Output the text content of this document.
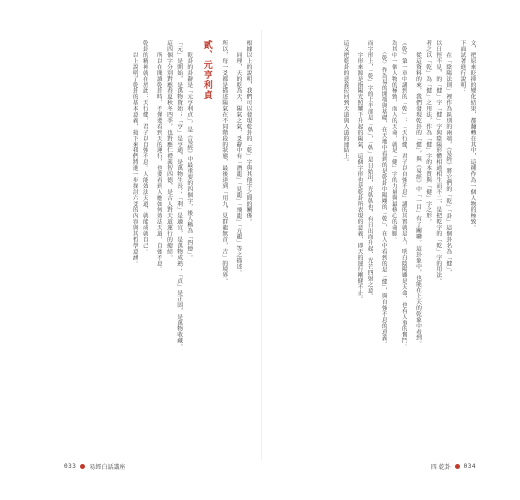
文，把原來貶抑的變化結果，都翻轉在其中，這種作為一個人物的極致。
下面試著進行說明：
在「陰陽法則」裡作為區別的兩端，《易經》將它們的「乾」「卦」這個卦名為「健」，
以日徑不見，的「健」字「健」字與陰陽形體相通相生而不二，是把乾字的「乾」字的用法。
者之以「乾」為「健」之用法，作為「健」字的本質與「健」字之形。
從這資料的來，我們發現乾卦的「健」，與《易經》中「一目」有了關聯。這卦象中，也能在上天的乾象中看到。
《乾》第一章中講到的「乾」：「天行健，君子以自強不息」講的其實就是人，明白陰陽雖是天命，也有人事的奮鬥。
為其中一個人物的極致，而人的天命，就是「健」字的力量與最核心的命脈。
〈乾〉作為易的開端與基礎，在天地中看到的是乾卦中陽剛的「乾」，在人中看到的是「健」，與自強不息的意義。
而字形上，「乾」字的上半部是「倝」，「倝」是日始出，光倝倝也，有日出而升起、光芒四射之意。
字形來源是指陽光照耀下升起的陽氣，這個字形也是乾卦所表現的意義，即天的運行剛健不止。
這又把乾卦的意義拉回到天道與人道的連結上。
根據以上的說明，我們可以發現乾卦的「乾」字與其他字之間的關係。
同理，天的乾為天，陽氣之氣，爻辭中有「潛龍」「見龍」「飛龍」「亢龍」等之描述。
所以，每一爻都是描述陽氣在不同階段的狀態，最後達到「用九，見群龍無首，吉」的境界。
貳、元亨利貞
乾卦的卦辭是「元亨利貞」，是《易經》中最重要的四個字，後人稱為「四德」。
「元」是開始，是萬物資始；「亨」是亨通，是萬物生長；「利」是適宜，是萬物成熟；「貞」是正固，是萬物收藏。
這四個字分別對應春夏秋冬四季，也對應仁禮義智四德，是古人對天道運行的總結。
所以在閱讀乾卦時，不僅要看到天的運行，也要看到人應如何效法天道，自強不息。
乾卦的精神就在於此：天行健，君子以自強不息。人能效法天道，就能成就自己。
以上說明了乾卦的基本意義，接下來我們將進一步探討六爻的內容與其哲學意涵。
033 易經白話講座	四 乾卦 034
